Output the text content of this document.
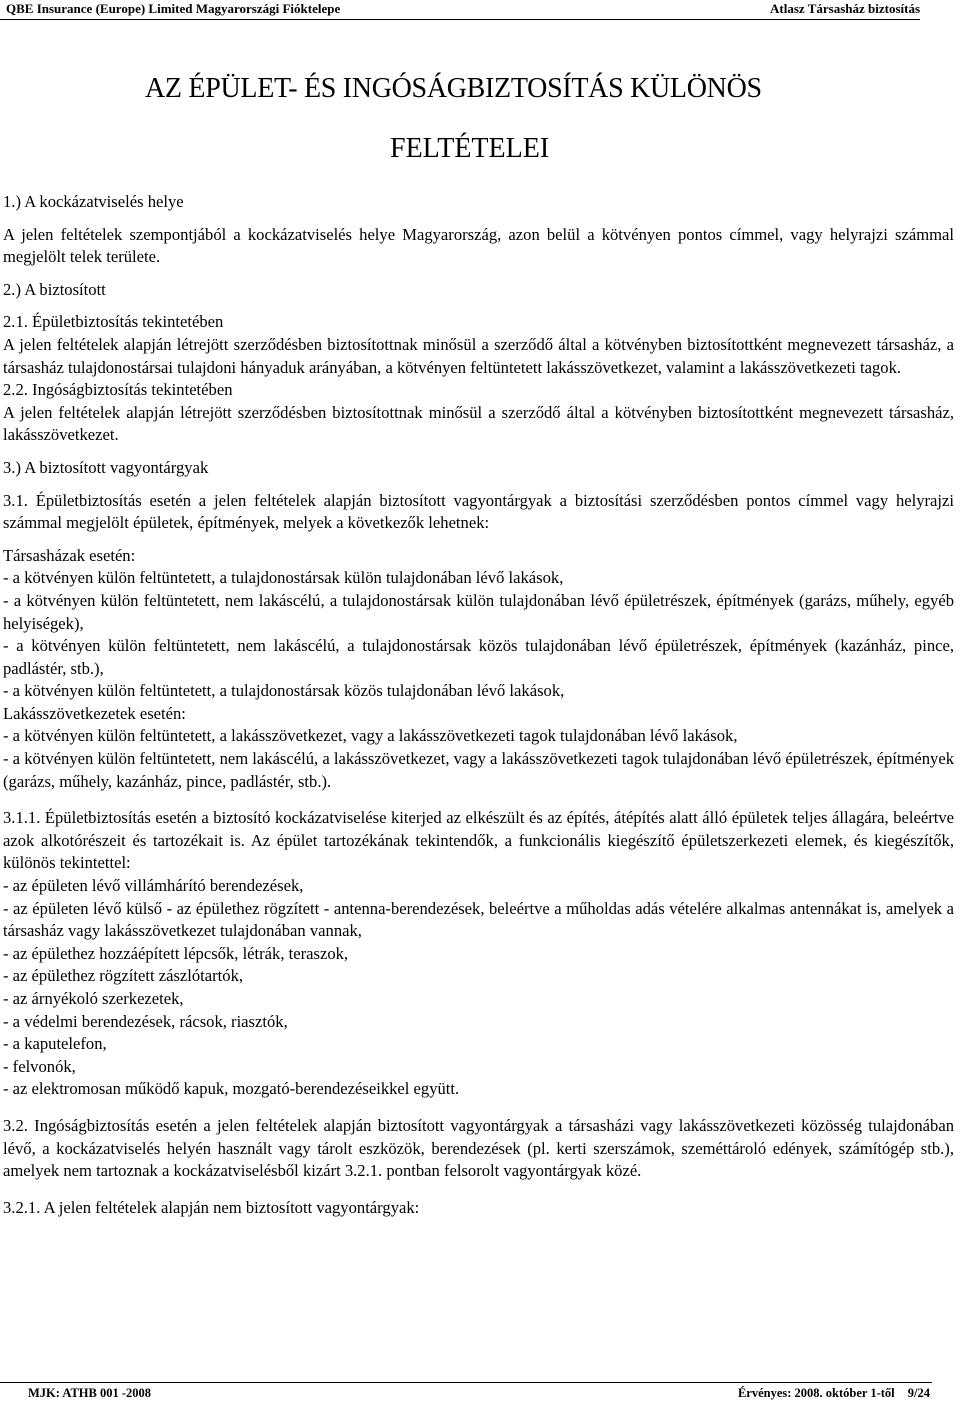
QBE Insurance (Europe) Limited Magyarországi Fióktelepe	Atlasz Társasház biztosítás
AZ ÉPÜLET- ÉS INGÓSÁGBIZTOSÍTÁS KÜLÖNÖS
FELTÉTELEI

1.) A kockázatviselés helye

A jelen feltételek szempontjából a kockázatviselés helye Magyarország, azon belül a kötvényen pontos címmel, vagy helyrajzi számmal megjelölt telek területe.

2.) A biztosított

2.1. Épületbiztosítás tekintetében

A jelen feltételek alapján létrejött szerződésben biztosítottnak minősül a szerződő által a kötvényben biztosítottként megnevezett társasház, a társasház tulajdonostársai tulajdoni hányaduk arányában, a kötvényen feltüntetett lakásszövetkezet, valamint a lakásszövetkezeti tagok.

2.2. Ingóságbiztosítás tekintetében

A jelen feltételek alapján létrejött szerződésben biztosítottnak minősül a szerződő által a kötvényben biztosítottként megnevezett társasház, lakásszövetkezet.

3.) A biztosított vagyontárgyak

3.1. Épületbiztosítás esetén a jelen feltételek alapján biztosított vagyontárgyak a biztosítási szerződésben pontos címmel vagy helyrajzi számmal megjelölt épületek, építmények, melyek a következők lehetnek:

Társasházak esetén:

- a kötvényen külön feltüntetett, a tulajdonostársak külön tulajdonában lévő lakások,

- a kötvényen külön feltüntetett, nem lakáscélú, a tulajdonostársak külön tulajdonában lévő épületrészek, építmények (garázs, műhely, egyéb helyiségek),

- a kötvényen külön feltüntetett, nem lakáscélú, a tulajdonostársak közös tulajdonában lévő épületrészek, építmények (kazánház, pince, padlástér, stb.),

- a kötvényen külön feltüntetett, a tulajdonostársak közös tulajdonában lévő lakások,

Lakásszövetkezetek esetén:

- a kötvényen külön feltüntetett, a lakásszövetkezet, vagy a lakásszövetkezeti tagok tulajdonában lévő lakások,

- a kötvényen külön feltüntetett, nem lakáscélú, a lakásszövetkezet, vagy a lakásszövetkezeti tagok tulajdonában lévő épületrészek, építmények (garázs, műhely, kazánház, pince, padlástér, stb.).

3.1.1. Épületbiztosítás esetén a biztosító kockázatviselése kiterjed az elkészült és az építés, átépítés alatt álló épületek teljes állagára, beleértve azok alkotórészeit és tartozékait is. Az épület tartozékának tekintendők, a funkcionális kiegészítő épületszerkezeti elemek, és kiegészítők, különös tekintettel:

- az épületen lévő villámhárító berendezések,

- az épületen lévő külső - az épülethez rögzített - antenna-berendezések, beleértve a műholdas adás vételére alkalmas antennákat is, amelyek a társasház vagy lakásszövetkezet tulajdonában vannak,

- az épülethez hozzáépített lépcsők, létrák, teraszok,

- az épülethez rögzített zászlótartók,

- az árnyékoló szerkezetek,

- a védelmi berendezések, rácsok, riasztók,

- a kaputelefon,

- felvonók,

- az elektromosan működő kapuk, mozgató-berendezéseikkel együtt.

3.2. Ingóságbiztosítás esetén a jelen feltételek alapján biztosított vagyontárgyak a társasházi vagy lakásszövetkezeti közösség tulajdonában lévő, a kockázatviselés helyén használt vagy tárolt eszközök, berendezések (pl. kerti szerszámok, szeméttároló edények, számítógép stb.), amelyek nem tartoznak a kockázatviselésből kizárt 3.2.1. pontban felsorolt vagyontárgyak közé.

3.2.1. A jelen feltételek alapján nem biztosított vagyontárgyak:

MJK: ATHB 001 -2008	Érvényes: 2008. október 1-től 9/24
